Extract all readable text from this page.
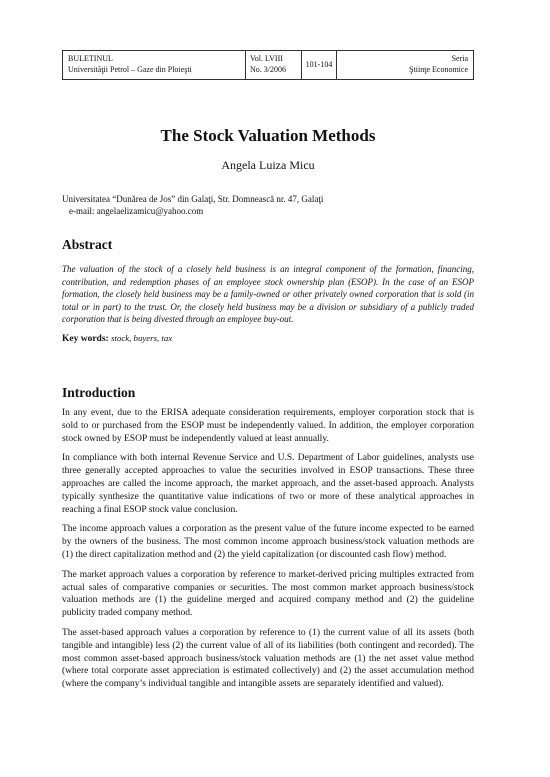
BULETINUL
Universităţii Petrol – Gaze din Ploieşti
Vol. LVIII
No. 3/2006
101-104
Seria
Ştiinţe Economice
The Stock Valuation Methods
Angela Luiza Micu
Universitatea “Dunărea de Jos” din Galaţi, Str. Domnească nr. 47, Galaţi
e-mail: angelaelizamicu@yahoo.com
Abstract
The valuation of the stock of a closely held business is an integral component of the formation, financing, contribution, and redemption phases of an employee stock ownership plan (ESOP). In the case of an ESOP formation, the closely held business may be a family-owned or other privately owned corporation that is sold (in total or in part) to the trust. Or, the closely held business may be a division or subsidiary of a publicly traded corporation that is being divested through an employee buy-out.
Key words: stock, buyers, tax
Introduction

In any event, due to the ERISA adequate consideration requirements, employer corporation stock that is sold to or purchased from the ESOP must be independently valued. In addition, the employer corporation stock owned by ESOP must be independently valued at least annually.

In compliance with both internal Revenue Service and U.S. Department of Labor guidelines, analysts use three generally accepted approaches to value the securities involved in ESOP transactions. These three approaches are called the income approach, the market approach, and the asset-based approach. Analysts typically synthesize the quantitative value indications of two or more of these analytical approaches in reaching a final ESOP stock value conclusion.

The income approach values a corporation as the present value of the future income expected to be earned by the owners of the business. The most common income approach business/stock valuation methods are (1) the direct capitalization method and (2) the yield capitalization (or discounted cash flow) method.

The market approach values a corporation by reference to market-derived pricing multiples extracted from actual sales of comparative companies or securities. The most common market approach business/stock valuation methods are (1) the guideline merged and acquired company method and (2) the guideline publicity traded company method.

The asset-based approach values a corporation by reference to (1) the current value of all its assets (both tangible and intangible) less (2) the current value of all of its liabilities (both contingent and recorded). The most common asset-based approach business/stock valuation methods are (1) the net asset value method (where total corporate asset appreciation is estimated collectively) and (2) the asset accumulation method (where the company’s individual tangible and intangible assets are separately identified and valued).
